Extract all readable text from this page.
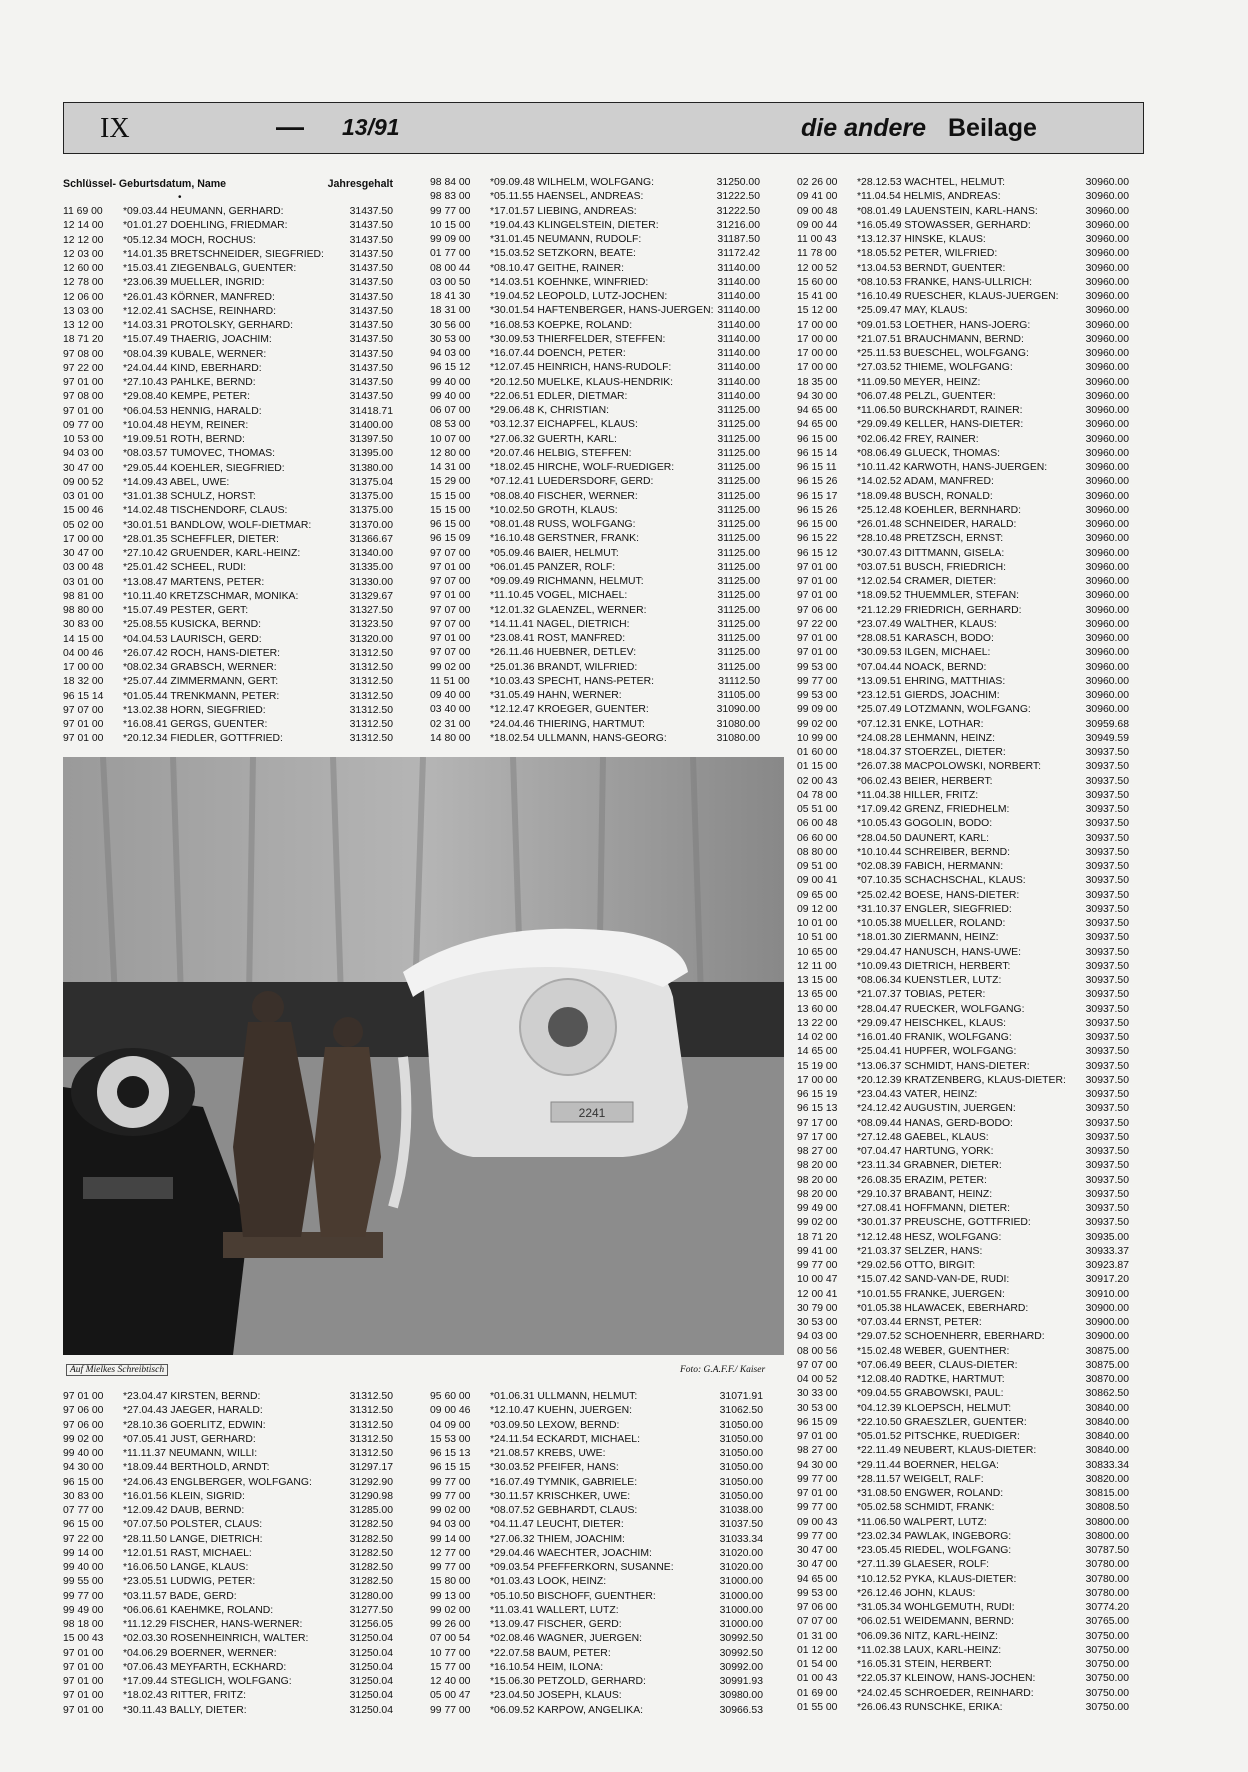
IX	— 13/91	die andere Beilage
Schlüssel- Geburtsdatum, Name	Jahresgehalt
•
11 69 00 *09.03.44 HEUMANN, GERHARD:	31437.50
12 14 00 *01.01.27 DOEHLING, FRIEDMAR:	31437.50
12 12 00 *05.12.34 MOCH, ROCHUS:	31437.50
12 03 00 *14.01.35 BRETSCHNEIDER, SIEGFRIED: 31437.50
12 60 00 *15.03.41 ZIEGENBALG, GUENTER:	31437.50
12 78 00 *23.06.39 MUELLER, INGRID:	31437.50
12 06 00 *26.01.43 KÖRNER, MANFRED:	31437.50
13 03 00 *12.02.41 SACHSE, REINHARD:	31437.50
13 12 00 *14.03.31 PROTOLSKY, GERHARD:	31437.50
18 71 20 *15.07.49 THAERIG, JOACHIM:	31437.50
97 08 00 *08.04.39 KUBALE, WERNER:	31437.50
97 22 00 *24.04.44 KIND, EBERHARD:	31437.50
97 01 00 *27.10.43 PAHLKE, BERND:	31437.50
97 08 00 *29.08.40 KEMPE, PETER:	31437.50
97 01 00 *06.04.53 HENNIG, HARALD:	31418.71
09 77 00 *10.04.48 HEYM, REINER:	31400.00
10 53 00 *19.09.51 ROTH, BERND:	31397.50
94 03 00 *08.03.57 TUMOVEC, THOMAS:	31395.00
30 47 00 *29.05.44 KOEHLER, SIEGFRIED:	31380.00
09 00 52 *14.09.43 ABEL, UWE:	31375.04
03 01 00 *31.01.38 SCHULZ, HORST:	31375.00
15 00 46 *14.02.48 TISCHENDORF, CLAUS:	31375.00
05 02 00 *30.01.51 BANDLOW, WOLF-DIETMAR:	31370.00
17 00 00 *28.01.35 SCHEFFLER, DIETER:	31366.67
30 47 00 *27.10.42 GRUENDER, KARL-HEINZ:	31340.00
03 00 48 *25.01.42 SCHEEL, RUDI:	31335.00
03 01 00 *13.08.47 MARTENS, PETER:	31330.00
98 81 00 *10.11.40 KRETZSCHMAR, MONIKA:	31329.67
98 80 00 *15.07.49 PESTER, GERT:	31327.50
30 83 00 *25.08.55 KUSICKA, BERND:	31323.50
14 15 00 *04.04.53 LAURISCH, GERD:	31320.00
04 00 46 *26.07.42 ROCH, HANS-DIETER:	31312.50
17 00 00 *08.02.34 GRABSCH, WERNER:	31312.50
18 32 00 *25.07.44 ZIMMERMANN, GERT:	31312.50
96 15 14 *01.05.44 TRENKMANN, PETER:	31312.50
97 07 00 *13.02.38 HORN, SIEGFRIED:	31312.50
97 01 00 *16.08.41 GERGS, GUENTER:	31312.50
97 01 00 *20.12.34 FIEDLER, GOTTFRIED:	31312.50
98 84 00 *09.09.48 WILHELM, WOLFGANG:	31250.00
98 83 00 *05.11.55 HAENSEL, ANDREAS:	31222.50
99 77 00 *17.01.57 LIEBING, ANDREAS:	31222.50
10 15 00 *19.04.43 KLINGELSTEIN, DIETER:	31216.00
99 09 00 *31.01.45 NEUMANN, RUDOLF:	31187.50
01 77 00 *15.03.52 SETZKORN, BEATE:	31172.42
08 00 44 *08.10.47 GEITHE, RAINER:	31140.00
03 00 50 *14.03.51 KOEHNKE, WINFRIED:	31140.00
18 41 30 *19.04.52 LEOPOLD, LUTZ-JOCHEN:	31140.00
18 31 00 *30.01.54 HAFTENBERGER, HANS-JUERGEN: 31140.00
30 56 00 *16.08.53 KOEPKE, ROLAND:	31140.00
30 53 00 *30.09.53 THIERFELDER, STEFFEN:	31140.00
94 03 00 *16.07.44 DOENCH, PETER:	31140.00
96 15 12 *12.07.45 HEINRICH, HANS-RUDOLF:	31140.00
99 40 00 *20.12.50 MUELKE, KLAUS-HENDRIK:	31140.00
99 40 00 *22.06.51 EDLER, DIETMAR:	31140.00
06 07 00 *29.06.48 K, CHRISTIAN:	31125.00
08 53 00 *03.12.37 EICHAPFEL, KLAUS:	31125.00
10 07 00 *27.06.32 GUERTH, KARL:	31125.00
12 80 00 *20.07.46 HELBIG, STEFFEN:	31125.00
14 31 00 *18.02.45 HIRCHE, WOLF-RUEDIGER:	31125.00
15 29 00 *07.12.41 LUEDERSDORF, GERD:	31125.00
15 15 00 *08.08.40 FISCHER, WERNER:	31125.00
15 15 00 *10.02.50 GROTH, KLAUS:	31125.00
96 15 00 *08.01.48 RUSS, WOLFGANG:	31125.00
96 15 09 *16.10.48 GERSTNER, FRANK:	31125.00
97 07 00 *05.09.46 BAIER, HELMUT:	31125.00
97 01 00 *06.01.45 PANZER, ROLF:	31125.00
97 07 00 *09.09.49 RICHMANN, HELMUT:	31125.00
97 01 00 *11.10.45 VOGEL, MICHAEL:	31125.00
97 07 00 *12.01.32 GLAENZEL, WERNER:	31125.00
97 07 00 *14.11.41 NAGEL, DIETRICH:	31125.00
97 01 00 *23.08.41 ROST, MANFRED:	31125.00
97 07 00 *26.11.46 HUEBNER, DETLEV:	31125.00
99 02 00 *25.01.36 BRANDT, WILFRIED:	31125.00
11 51 00 *10.03.43 SPECHT, HANS-PETER:	31112.50
09 40 00 *31.05.49 HAHN, WERNER:	31105.00
03 40 00 *12.12.47 KROEGER, GUENTER:	31090.00
02 31 00 *24.04.46 THIERING, HARTMUT:	31080.00
14 80 00 *18.02.54 ULLMANN, HANS-GEORG:	31080.00
02 26 00 *28.12.53 WACHTEL, HELMUT:	30960.00
09 41 00 *11.04.54 HELMIS, ANDREAS:	30960.00
09 00 48 *08.01.49 LAUENSTEIN, KARL-HANS:	30960.00
09 00 44 *16.05.49 STOWASSER, GERHARD:	30960.00
11 00 43 *13.12.37 HINSKE, KLAUS:	30960.00
11 78 00 *18.05.52 PETER, WILFRIED:	30960.00
12 00 52 *13.04.53 BERNDT, GUENTER:	30960.00
15 60 00 *08.10.53 FRANKE, HANS-ULLRICH:	30960.00
15 41 00 *16.10.49 RUESCHER, KLAUS-JUERGEN:	30960.00
15 12 00 *25.09.47 MAY, KLAUS:	30960.00
17 00 00 *09.01.53 LOETHER, HANS-JOERG:	30960.00
17 00 00 *21.07.51 BRAUCHMANN, BERND:	30960.00
17 00 00 *25.11.53 BUESCHEL, WOLFGANG:	30960.00
17 00 00 *27.03.52 THIEME, WOLFGANG:	30960.00
18 35 00 *11.09.50 MEYER, HEINZ:	30960.00
94 30 00 *06.07.48 PELZL, GUENTER:	30960.00
94 65 00 *11.06.50 BURCKHARDT, RAINER:	30960.00
94 65 00 *29.09.49 KELLER, HANS-DIETER:	30960.00
96 15 00 *02.06.42 FREY, RAINER:	30960.00
96 15 14 *08.06.49 GLUECK, THOMAS:	30960.00
96 15 11 *10.11.42 KARWOTH, HANS-JUERGEN:	30960.00
96 15 26 *14.02.52 ADAM, MANFRED:	30960.00
96 15 17 *18.09.48 BUSCH, RONALD:	30960.00
96 15 26 *25.12.48 KOEHLER, BERNHARD:	30960.00
96 15 00 *26.01.48 SCHNEIDER, HARALD:	30960.00
96 15 22 *28.10.48 PRETZSCH, ERNST:	30960.00
96 15 12 *30.07.43 DITTMANN, GISELA:	30960.00
97 01 00 *03.07.51 BUSCH, FRIEDRICH:	30960.00
97 01 00 *12.02.54 CRAMER, DIETER:	30960.00
97 01 00 *18.09.52 THUEMMLER, STEFAN:	30960.00
97 06 00 *21.12.29 FRIEDRICH, GERHARD:	30960.00
97 22 00 *23.07.49 WALTHER, KLAUS:	30960.00
97 01 00 *28.08.51 KARASCH, BODO:	30960.00
97 01 00 *30.09.53 ILGEN, MICHAEL:	30960.00
99 53 00 *07.04.44 NOACK, BERND:	30960.00
99 77 00 *13.09.51 EHRING, MATTHIAS:	30960.00
99 53 00 *23.12.51 GIERDS, JOACHIM:	30960.00
99 09 00 *25.07.49 LOTZMANN, WOLFGANG:	30960.00
99 02 00 *07.12.31 ENKE, LOTHAR:	30959.68
10 99 00 *24.08.28 LEHMANN, HEINZ:	30949.59
01 60 00 *18.04.37 STOERZEL, DIETER:	30937.50
01 15 00 *26.07.38 MACPOLOWSKI, NORBERT:	30937.50
02 00 43 *06.02.43 BEIER, HERBERT:	30937.50
04 78 00 *11.04.38 HILLER, FRITZ:	30937.50
05 51 00 *17.09.42 GRENZ, FRIEDHELM:	30937.50
06 00 48 *10.05.43 GOGOLIN, BODO:	30937.50
06 60 00 *28.04.50 DAUNERT, KARL:	30937.50
08 80 00 *10.10.44 SCHREIBER, BERND:	30937.50
09 51 00 *02.08.39 FABICH, HERMANN:	30937.50
09 00 41 *07.10.35 SCHACHSCHAL, KLAUS:	30937.50
09 65 00 *25.02.42 BOESE, HANS-DIETER:	30937.50
09 12 00 *31.10.37 ENGLER, SIEGFRIED:	30937.50
10 01 00 *10.05.38 MUELLER, ROLAND:	30937.50
10 51 00 *18.01.30 ZIERMANN, HEINZ:	30937.50
10 65 00 *29.04.47 HANUSCH, HANS-UWE:	30937.50
12 11 00 *10.09.43 DIETRICH, HERBERT:	30937.50
13 15 00 *08.06.34 KUENSTLER, LUTZ:	30937.50
13 65 00 *21.07.37 TOBIAS, PETER:	30937.50
13 60 00 *28.04.47 RUECKER, WOLFGANG:	30937.50
13 22 00 *29.09.47 HEISCHKEL, KLAUS:	30937.50
14 02 00 *16.01.40 FRANIK, WOLFGANG:	30937.50
14 65 00 *25.04.41 HUPFER, WOLFGANG:	30937.50
15 19 00 *13.06.37 SCHMIDT, HANS-DIETER:	30937.50
17 00 00 *20.12.39 KRATZENBERG, KLAUS-DIETER: 30937.50
96 15 19 *23.04.43 VATER, HEINZ:	30937.50
96 15 13 *24.12.42 AUGUSTIN, JUERGEN:	30937.50
97 17 00 *08.09.44 HANAS, GERD-BODO:	30937.50
97 17 00 *27.12.48 GAEBEL, KLAUS:	30937.50
98 27 00 *07.04.47 HARTUNG, YORK:	30937.50
98 20 00 *23.11.34 GRABNER, DIETER:	30937.50
98 20 00 *26.08.35 ERAZIM, PETER:	30937.50
98 20 00 *29.10.37 BRABANT, HEINZ:	30937.50
99 49 00 *27.08.41 HOFFMANN, DIETER:	30937.50
99 02 00 *30.01.37 PREUSCHE, GOTTFRIED:	30937.50
18 71 20 *12.12.48 HESZ, WOLFGANG:	30935.00
99 41 00 *21.03.37 SELZER, HANS:	30933.37
99 77 00 *29.02.56 OTTO, BIRGIT:	30923.87
10 00 47 *15.07.42 SAND-VAN-DE, RUDI:	30917.20
12 00 41 *10.01.55 FRANKE, JUERGEN:	30910.00
30 79 00 *01.05.38 HLAWACEK, EBERHARD:	30900.00
30 53 00 *07.03.44 ERNST, PETER:	30900.00
94 03 00 *29.07.52 SCHOENHERR, EBERHARD:	30900.00
08 00 56 *15.02.48 WEBER, GUENTHER:	30875.00
97 07 00 *07.06.49 BEER, CLAUS-DIETER:	30875.00
04 00 52 *12.08.40 RADTKE, HARTMUT:	30870.00
30 33 00 *09.04.55 GRABOWSKI, PAUL:	30862.50
30 53 00 *04.12.39 KLOEPSCH, HELMUT:	30840.00
96 15 09 *22.10.50 GRAESZLER, GUENTER:	30840.00
97 01 00 *05.01.52 PITSCHKE, RUEDIGER:	30840.00
98 27 00 *22.11.49 NEUBERT, KLAUS-DIETER:	30840.00
94 30 00 *29.11.44 BOERNER, HELGA:	30833.34
99 77 00 *28.11.57 WEIGELT, RALF:	30820.00
97 01 00 *31.08.50 ENGWER, ROLAND:	30815.00
99 77 00 *05.02.58 SCHMIDT, FRANK:	30808.50
09 00 43 *11.06.50 WALPERT, LUTZ:	30800.00
99 77 00 *23.02.34 PAWLAK, INGEBORG:	30800.00
30 47 00 *23.05.45 RIEDEL, WOLFGANG:	30787.50
30 47 00 *27.11.39 GLAESER, ROLF:	30780.00
94 65 00 *10.12.52 PYKA, KLAUS-DIETER:	30780.00
99 53 00 *26.12.46 JOHN, KLAUS:	30780.00
97 06 00 *31.05.34 WOHLGEMUTH, RUDI:	30774.20
07 07 00 *06.02.51 WEIDEMANN, BERND:	30765.00
01 31 00 *06.09.36 NITZ, KARL-HEINZ:	30750.00
01 12 00 *11.02.38 LAUX, KARL-HEINZ:	30750.00
01 54 00 *16.05.31 STEIN, HERBERT:	30750.00
01 00 43 *22.05.37 KLEINOW, HANS-JOCHEN:	30750.00
01 69 00 *24.02.45 SCHROEDER, REINHARD:	30750.00
01 55 00 *26.06.43 RUNSCHKE, ERIKA:	30750.00
97 01 00 *23.04.47 KIRSTEN, BERND:	31312.50
97 06 00 *27.04.43 JAEGER, HARALD:	31312.50
97 06 00 *28.10.36 GOERLITZ, EDWIN:	31312.50
99 02 00 *07.05.41 JUST, GERHARD:	31312.50
99 40 00 *11.11.37 NEUMANN, WILLI:	31312.50
94 30 00 *18.09.44 BERTHOLD, ARNDT:	31297.17
96 15 00 *24.06.43 ENGLBERGER, WOLFGANG:	31292.90
30 83 00 *16.01.56 KLEIN, SIGRID:	31290.98
07 77 00 *12.09.42 DAUB, BERND:	31285.00
96 15 00 *07.07.50 POLSTER, CLAUS:	31282.50
97 22 00 *28.11.50 LANGE, DIETRICH:	31282.50
99 14 00 *12.01.51 RAST, MICHAEL:	31282.50
99 40 00 *16.06.50 LANGE, KLAUS:	31282.50
99 55 00 *23.05.51 LUDWIG, PETER:	31282.50
99 77 00 *03.11.57 BADE, GERD:	31280.00
99 49 00 *06.06.61 KAEHMKE, ROLAND:	31277.50
98 18 00 *11.12.29 FISCHER, HANS-WERNER:	31256.05
15 00 43 *02.03.30 ROSENHEINRICH, WALTER:	31250.04
97 01 00 *04.06.29 BOERNER, WERNER:	31250.04
97 01 00 *07.06.43 MEYFARTH, ECKHARD:	31250.04
97 01 00 *17.09.44 STEGLICH, WOLFGANG:	31250.04
97 01 00 *18.02.43 RITTER, FRITZ:	31250.04
97 01 00 *30.11.43 BALLY, DIETER:	31250.04
95 60 00 *01.06.31 ULLMANN, HELMUT:	31071.91
09 00 46 *12.10.47 KUEHN, JUERGEN:	31062.50
04 09 00 *03.09.50 LEXOW, BERND:	31050.00
15 53 00 *24.11.54 ECKARDT, MICHAEL:	31050.00
96 15 13 *21.08.57 KREBS, UWE:	31050.00
96 15 15 *30.03.52 PFEIFER, HANS:	31050.00
99 77 00 *16.07.49 TYMNIK, GABRIELE:	31050.00
99 77 00 *30.11.57 KRISCHKER, UWE:	31050.00
99 02 00 *08.07.52 GEBHARDT, CLAUS:	31038.00
94 03 00 *04.11.47 LEUCHT, DIETER:	31037.50
99 14 00 *27.06.32 THIEM, JOACHIM:	31033.34
12 77 00 *29.04.46 WAECHTER, JOACHIM:	31020.00
99 77 00 *09.03.54 PFEFFERKORN, SUSANNE:	31020.00
15 80 00 *01.03.43 LOOK, HEINZ:	31000.00
99 13 00 *05.10.50 BISCHOFF, GUENTHER:	31000.00
99 02 00 *11.03.41 WALLERT, LUTZ:	31000.00
99 26 00 *13.09.47 FISCHER, GERD:	31000.00
07 00 54 *02.08.46 WAGNER, JUERGEN:	30992.50
10 77 00 *22.07.58 BAUM, PETER:	30992.50
15 77 00 *16.10.54 HEIM, ILONA:	30992.00
12 40 00 *15.06.30 PETZOLD, GERHARD:	30991.93
05 00 47 *23.04.50 JOSEPH, KLAUS:	30980.00
99 77 00 *06.09.52 KARPOW, ANGELIKA:	30966.53
2241
Auf Mielkes Schreibtisch	Foto: G.A.F.F./ Kaiser
